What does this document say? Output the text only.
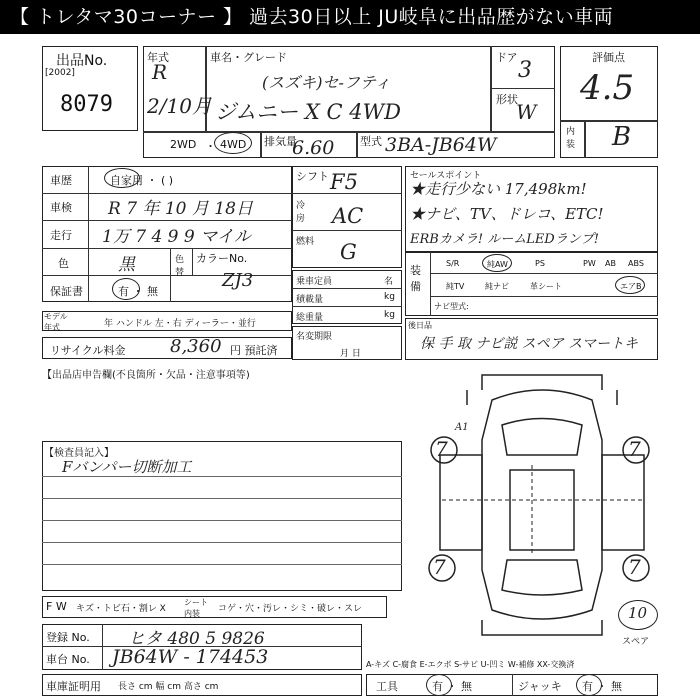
【 トレタマ30コーナー 】 過去30日以上 JU岐阜に出品歴がない車両
出品No.
[2002]
8079
年式
R
2/10月
車名・グレード
(スズキ)セ-フティ
ジムニー X C 4WD
ドア
3
形状
W
2WD ・ 4WD 排気量
6.60 型式 3BA-JB64W
評価点
4.5
内装 B
車歴	自家用 ・ ( )
車検 R 7 年 10 月 18日
走行 1万 7 4 9 9 マイル
色	黒	色替
カラーNo.
ZJ3
保証書	有 ・ 無
モデル年式	年 ハンドル 左・右 ディーラー・並行
リサイクル料金 8,360 円 預託済
シフト F5
冷房 AC
燃料 G
乗車定員	名
積載量	kg
総重量	kg
名変期限
月 日
セールスポイント
★走行少ない 17,498km!
★ナビ、TV、ドレコ、ETC!
ERBカメラ! ルームLEDランプ!
装備
S/R	純AW	PS	PW AB ABS
純TV	純ナビ	革シート	エアB
ナビ型式:
後日品
保 手 取 ナビ説 スペア スマートキ
【出品店申告欄(不良箇所・欠品・注意事項等)
【検査員記入】
Fバンパー切断加工
7	7
7	7
A1
10
スペア
F W キズ・トビ石・割レ X
シート内装	コゲ・穴・汚レ・シミ・破レ・スレ
登録 No. ヒタ 480 5 9826
車台 No. JB64W - 174453
車庫証明用 長さ cm 幅 cm 高さ cm
A-キズ C-腐食 E-エクボ S-サビ U-凹ミ W-補修 XX-交換済
工具	有 ・ 無	ジャッキ 有 ・ 無
